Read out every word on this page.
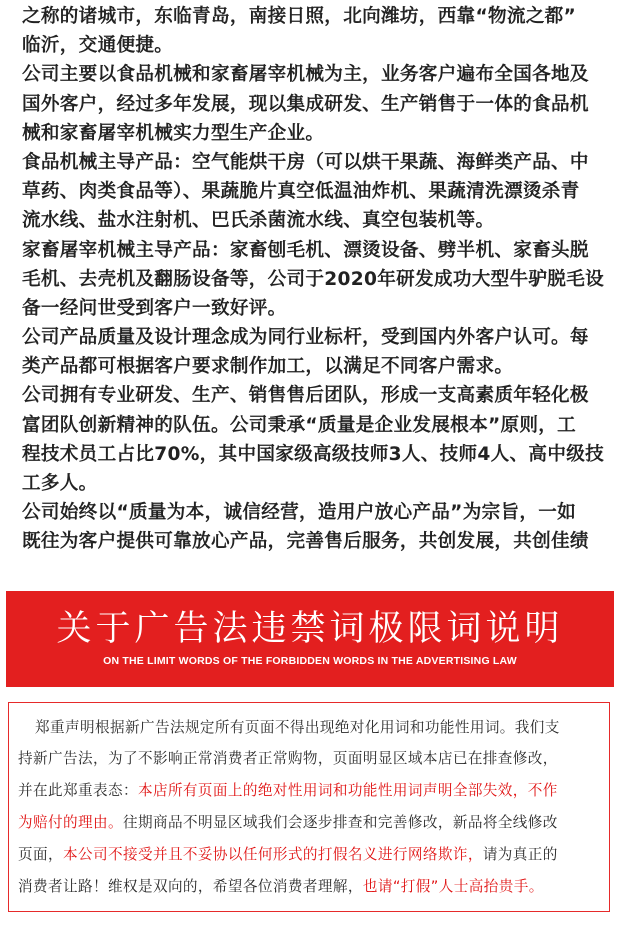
之称的诸城市，东临青岛，南接日照，北向潍坊，西靠“物流之都”
临沂，交通便捷。
公司主要以食品机械和家畜屠宰机械为主，业务客户遍布全国各地及
国外客户，经过多年发展，现以集成研发、生产销售于一体的食品机
械和家畜屠宰机械实力型生产企业。
食品机械主导产品：空气能烘干房（可以烘干果蔬、海鲜类产品、中
草药、肉类食品等）、果蔬脆片真空低温油炸机、果蔬清洗漂烫杀青
流水线、盐水注射机、巴氏杀菌流水线、真空包装机等。
家畜屠宰机械主导产品：家畜刨毛机、漂烫设备、劈半机、家畜头脱
毛机、去壳机及翻肠设备等，公司于2020年研发成功大型牛驴脱毛设
备一经问世受到客户一致好评。
公司产品质量及设计理念成为同行业标杆，受到国内外客户认可。每
类产品都可根据客户要求制作加工，以满足不同客户需求。
公司拥有专业研发、生产、销售售后团队，形成一支高素质年轻化极
富团队创新精神的队伍。公司秉承“质量是企业发展根本”原则，工
程技术员工占比70%，其中国家级高级技师3人、技师4人、高中级技
工多人。
公司始终以“质量为本，诚信经营，造用户放心产品”为宗旨，一如
既往为客户提供可靠放心产品，完善售后服务，共创发展，共创佳绩
关于广告法违禁词极限词说明
ON THE LIMIT WORDS OF THE FORBIDDEN WORDS IN THE ADVERTISING LAW
郑重声明根据新广告法规定所有页面不得出现绝对化用词和功能性用词。我们支
持新广告法，为了不影响正常消费者正常购物，页面明显区域本店已在排查修改，
并在此郑重表态：本店所有页面上的绝对性用词和功能性用词声明全部失效，不作
为赔付的理由。往期商品不明显区域我们会逐步排查和完善修改，新品将全线修改
页面，本公司不接受并且不妥协以任何形式的打假名义进行网络欺诈，请为真正的
消费者让路！维权是双向的，希望各位消费者理解，也请“打假”人士高抬贵手。
